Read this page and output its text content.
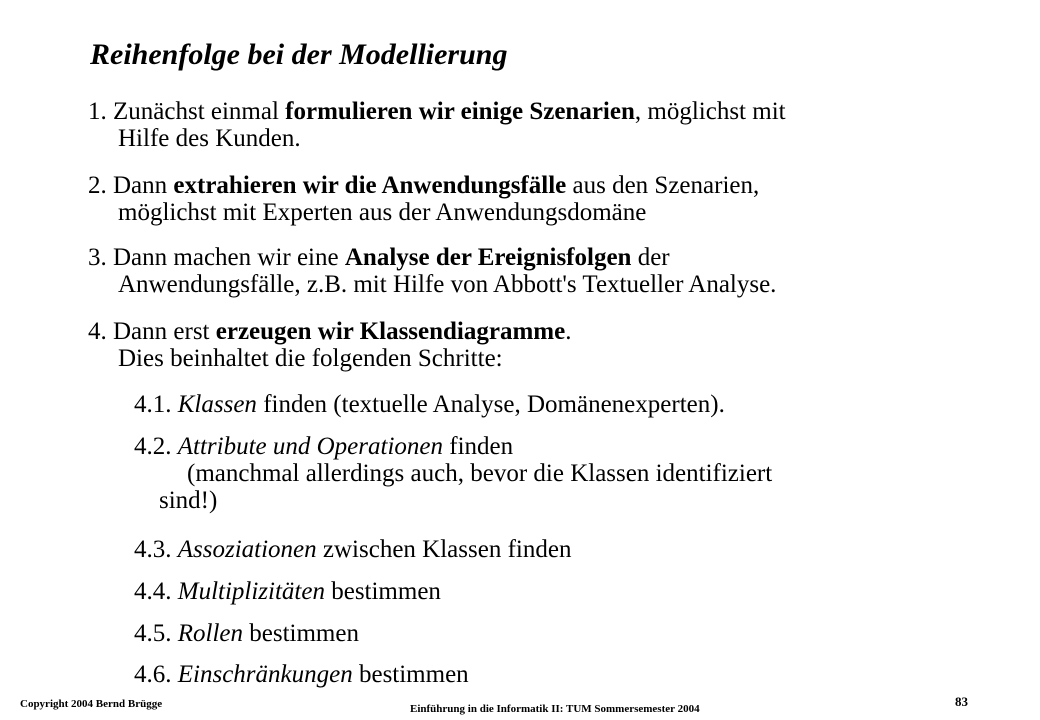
Reihenfolge bei der Modellierung
1. Zunächst einmal formulieren wir einige Szenarien, möglichst mit
Hilfe des Kunden.
2. Dann extrahieren wir die Anwendungsfälle aus den Szenarien,
möglichst mit Experten aus der Anwendungsdomäne
3. Dann machen wir eine Analyse der Ereignisfolgen der
Anwendungsfälle, z.B. mit Hilfe von Abbott's Textueller Analyse.
4. Dann erst erzeugen wir Klassendiagramme.
Dies beinhaltet die folgenden Schritte:
4.1. Klassen finden (textuelle Analyse, Domänenexperten).
4.2. Attribute und Operationen finden
(manchmal allerdings auch, bevor die Klassen identifiziert
sind!)
4.3. Assoziationen zwischen Klassen finden
4.4. Multiplizitäten bestimmen
4.5. Rollen bestimmen
4.6. Einschränkungen bestimmen
Copyright 2004 Bernd Brügge	Einführung in die Informatik II: TUM Sommersemester 2004	83
